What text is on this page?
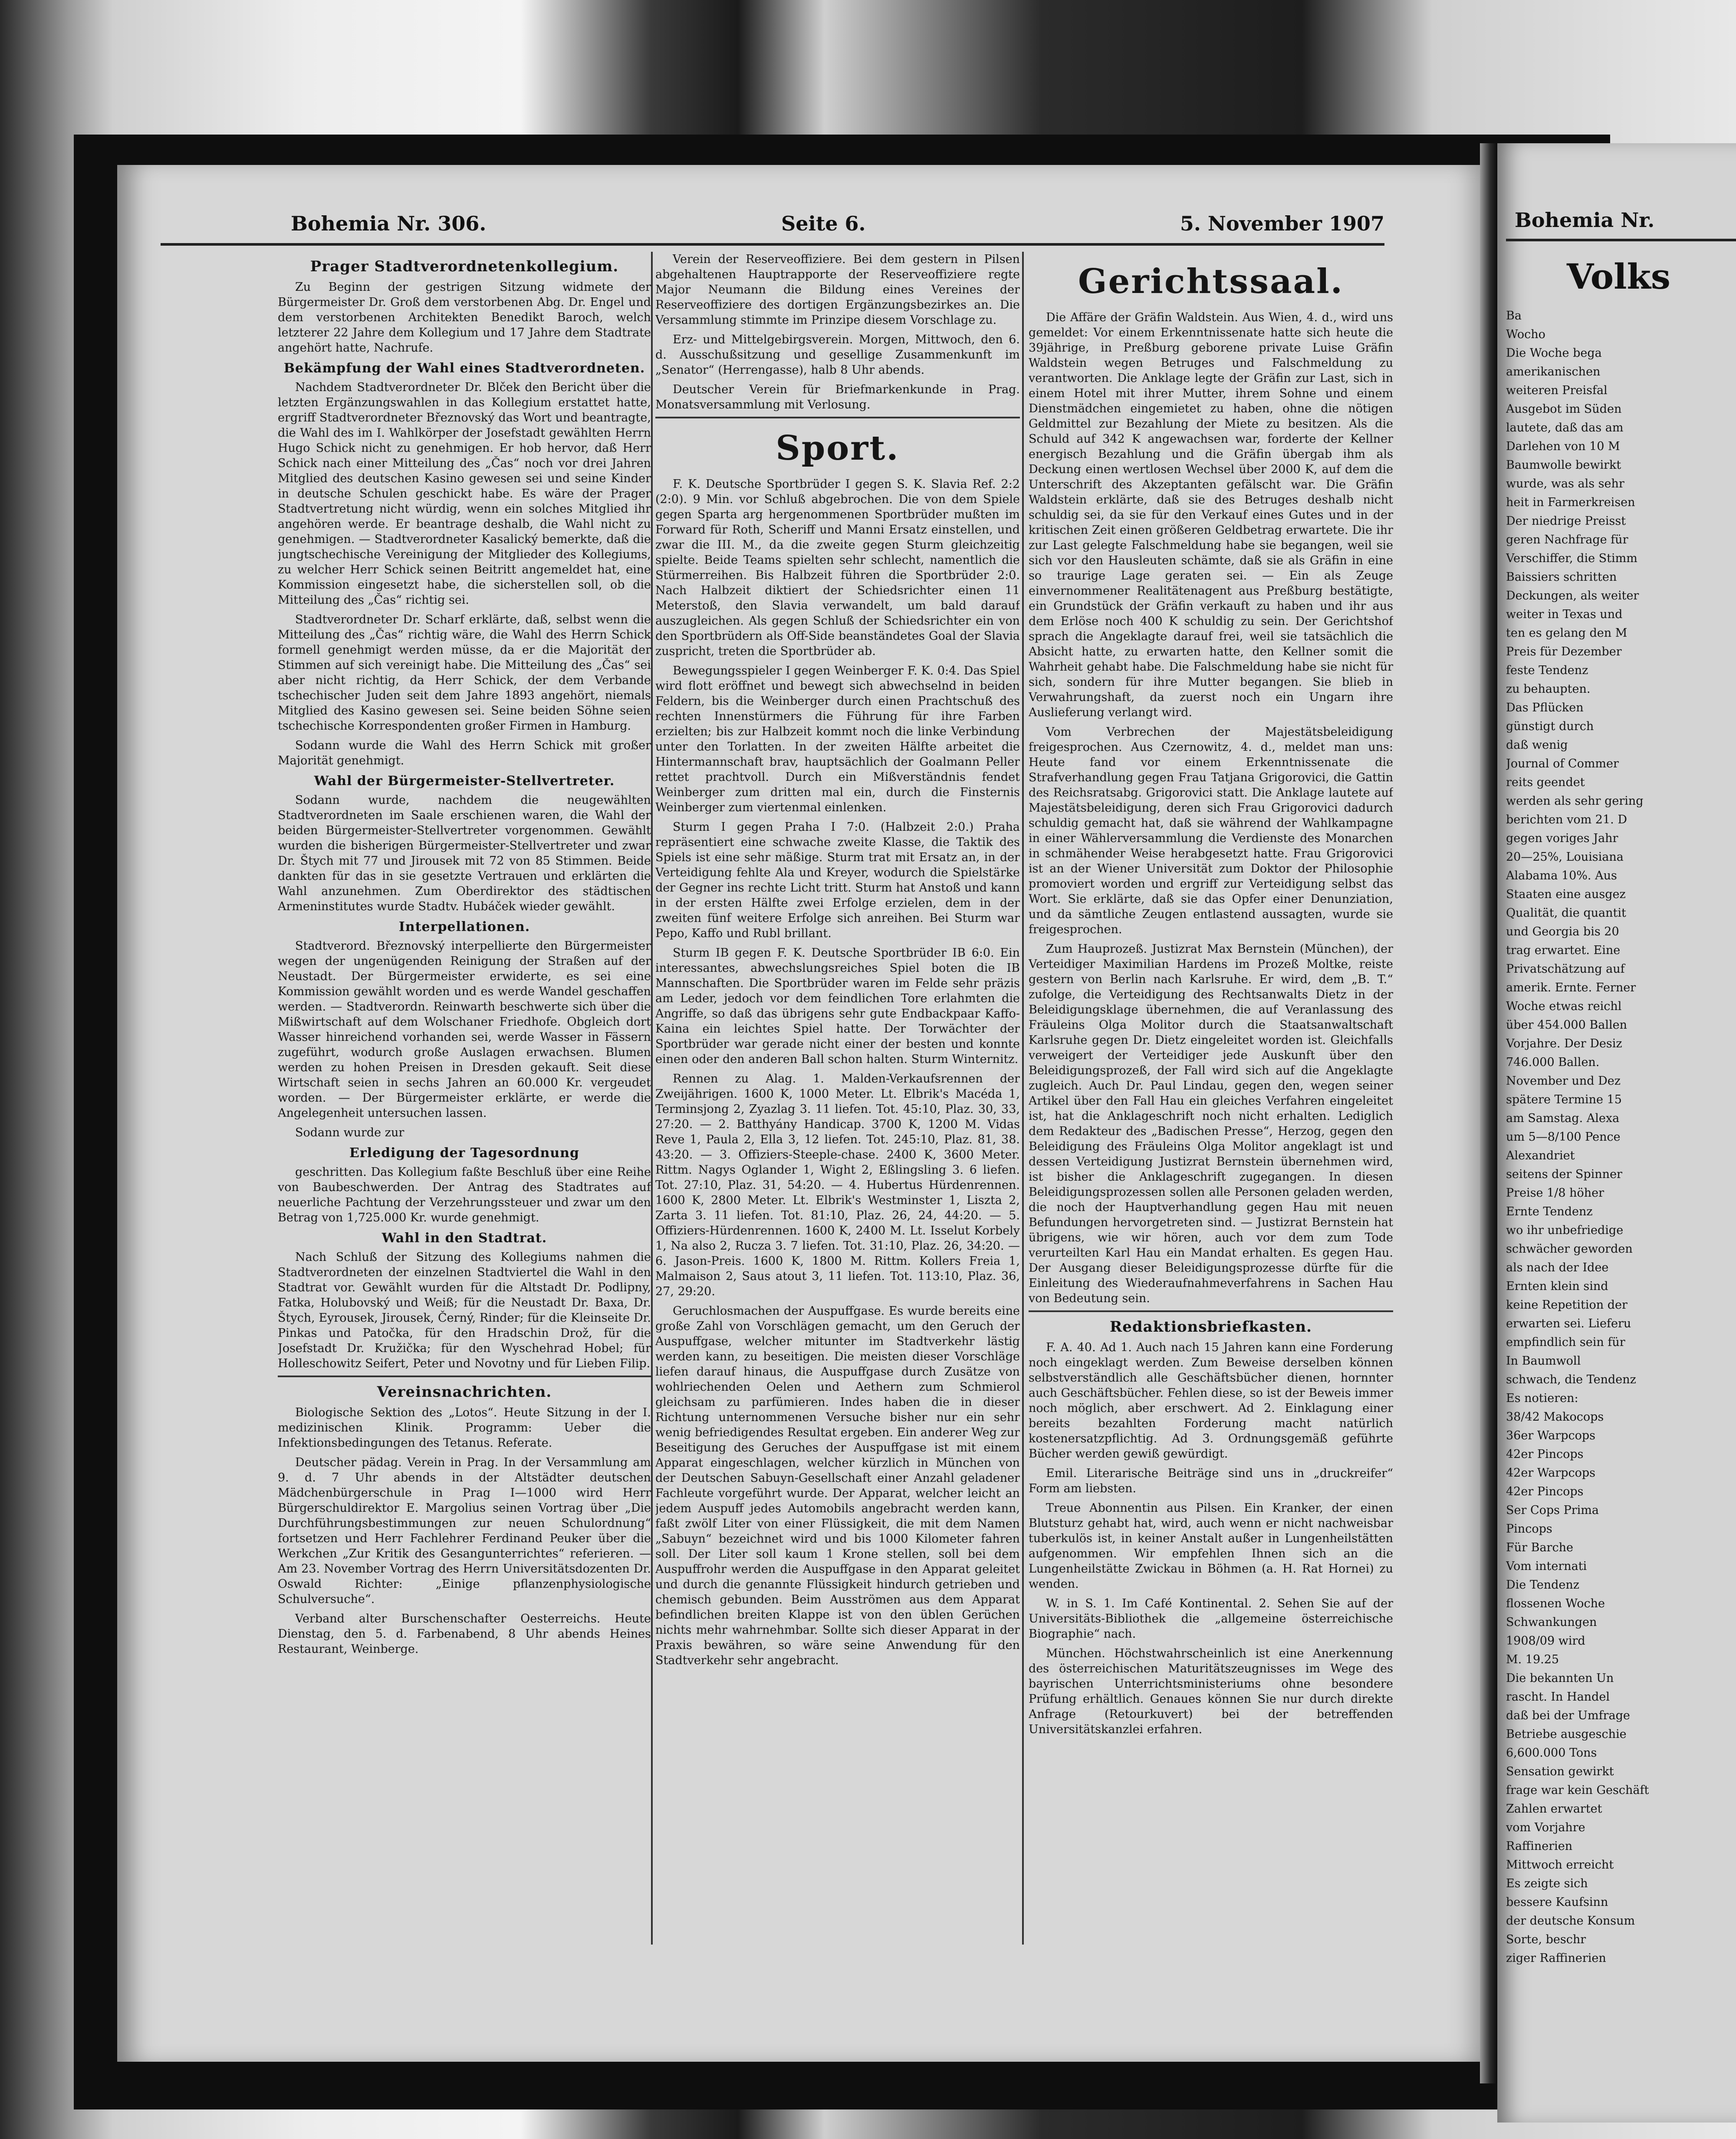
Bohemia Nr.
Volks

Ba

Wocho

Die Woche bega

amerikanischen

weiteren Preisfal

Ausgebot im Süden

lautete, daß das am

Darlehen von 10 M

Baumwolle bewirkt

wurde, was als sehr

heit in Farmerkreisen

Der niedrige Preisst

geren Nachfrage für

Verschiffer, die Stimm

Baissiers schritten

Deckungen, als weiter

weiter in Texas und

ten es gelang den M

Preis für Dezember

feste Tendenz

zu behaupten.

Das Pflücken

günstigt durch

daß wenig

Journal of Commer

reits geendet

werden als sehr gering

berichten vom 21. D

gegen voriges Jahr

20—25%, Louisiana

Alabama 10%. Aus

Staaten eine ausgez

Qualität, die quantit

und Georgia bis 20

trag erwartet. Eine

Privatschätzung auf

amerik. Ernte. Ferner

Woche etwas reichl

über 454.000 Ballen

Vorjahre. Der Desiz

746.000 Ballen.

November und Dez

spätere Termine 15

am Samstag. Alexa

um 5—8/100 Pence

Alexandriet

seitens der Spinner

Preise 1/8 höher

Ernte Tendenz

wo ihr unbefriedige

schwächer geworden

als nach der Idee

Ernten klein sind

keine Repetition der

erwarten sei. Lieferu

empfindlich sein für

In Baumwoll

schwach, die Tendenz

Es notieren:

38/42 Makocops

36er Warpcops

42er Pincops

42er Warpcops

42er Pincops

Ser Cops Prima

Pincops

Für Barche

Vom internati

Die Tendenz

flossenen Woche

Schwankungen

1908/09 wird

M. 19.25

Die bekannten Un

rascht. In Handel

daß bei der Umfrage

Betriebe ausgeschie

6,600.000 Tons

Sensation gewirkt

frage war kein Geschäft

Zahlen erwartet

vom Vorjahre

Raffinerien

Mittwoch erreicht

Es zeigte sich

bessere Kaufsinn

der deutsche Konsum

Sorte, beschr

ziger Raffinerien

Bohemia Nr. 306.	Seite 6.	5. November 1907
Prager Stadtverordnetenkollegium.

Zu Beginn der gestrigen Sitzung widmete der Bürgermeister Dr. Groß dem verstorbenen Abg. Dr. Engel und dem verstorbenen Architekten Benedikt Baroch, welch letzterer 22 Jahre dem Kollegium und 17 Jahre dem Stadtrate angehört hatte, Nachrufe.

Bekämpfung der Wahl eines Stadtverordneten.

Nachdem Stadtverordneter Dr. Blček den Bericht über die letzten Ergänzungswahlen in das Kollegium erstattet hatte, ergriff Stadtverordneter Březnovský das Wort und beantragte, die Wahl des im I. Wahlkörper der Josefstadt gewählten Herrn Hugo Schick nicht zu genehmigen. Er hob hervor, daß Herr Schick nach einer Mitteilung des „Čas“ noch vor drei Jahren Mitglied des deutschen Kasino gewesen sei und seine Kinder in deutsche Schulen geschickt habe. Es wäre der Prager Stadtvertretung nicht würdig, wenn ein solches Mitglied ihr angehören werde. Er beantrage deshalb, die Wahl nicht zu genehmigen. — Stadtverordneter Kasalický bemerkte, daß die jungtschechische Vereinigung der Mitglieder des Kollegiums, zu welcher Herr Schick seinen Beitritt angemeldet hat, eine Kommission eingesetzt habe, die sicherstellen soll, ob die Mitteilung des „Čas“ richtig sei.

Stadtverordneter Dr. Scharf erklärte, daß, selbst wenn die Mitteilung des „Čas“ richtig wäre, die Wahl des Herrn Schick formell genehmigt werden müsse, da er die Majorität der Stimmen auf sich vereinigt habe. Die Mitteilung des „Čas“ sei aber nicht richtig, da Herr Schick, der dem Verbande tschechischer Juden seit dem Jahre 1893 angehört, niemals Mitglied des Kasino gewesen sei. Seine beiden Söhne seien tschechische Korrespondenten großer Firmen in Hamburg.

Sodann wurde die Wahl des Herrn Schick mit großer Majorität genehmigt.

Wahl der Bürgermeister-Stellvertreter.

Sodann wurde, nachdem die neugewählten Stadtverordneten im Saale erschienen waren, die Wahl der beiden Bürgermeister-Stellvertreter vorgenommen. Gewählt wurden die bisherigen Bürgermeister-Stellvertreter und zwar Dr. Štych mit 77 und Jirousek mit 72 von 85 Stimmen. Beide dankten für das in sie gesetzte Vertrauen und erklärten die Wahl anzunehmen. Zum Oberdirektor des städtischen Armeninstitutes wurde Stadtv. Hubáček wieder gewählt.

Interpellationen.

Stadtverord. Březnovský interpellierte den Bürgermeister wegen der ungenügenden Reinigung der Straßen auf der Neustadt. Der Bürgermeister erwiderte, es sei eine Kommission gewählt worden und es werde Wandel geschaffen werden. — Stadtverordn. Reinwarth beschwerte sich über die Mißwirtschaft auf dem Wolschaner Friedhofe. Obgleich dort Wasser hinreichend vorhanden sei, werde Wasser in Fässern zugeführt, wodurch große Auslagen erwachsen. Blumen werden zu hohen Preisen in Dresden gekauft. Seit diese Wirtschaft seien in sechs Jahren an 60.000 Kr. vergeudet worden. — Der Bürgermeister erklärte, er werde die Angelegenheit untersuchen lassen.

Sodann wurde zur

Erledigung der Tagesordnung

geschritten. Das Kollegium faßte Beschluß über eine Reihe von Baubeschwerden. Der Antrag des Stadtrates auf neuerliche Pachtung der Verzehrungssteuer und zwar um den Betrag von 1,725.000 Kr. wurde genehmigt.

Wahl in den Stadtrat.

Nach Schluß der Sitzung des Kollegiums nahmen die Stadtverordneten der einzelnen Stadtviertel die Wahl in den Stadtrat vor. Gewählt wurden für die Altstadt Dr. Podlipny, Fatka, Holubovský und Weiß; für die Neustadt Dr. Baxa, Dr. Štych, Eyrousek, Jirousek, Černý, Rinder; für die Kleinseite Dr. Pinkas und Patočka, für den Hradschin Drož, für die Josefstadt Dr. Kružička; für den Wyschehrad Hobel; für Holleschowitz Seifert, Peter und Novotny und für Lieben Filip.

Vereinsnachrichten.

Biologische Sektion des „Lotos“. Heute Sitzung in der I. medizinischen Klinik. Programm: Ueber die Infektionsbedingungen des Tetanus. Referate.

Deutscher pädag. Verein in Prag. In der Versammlung am 9. d. 7 Uhr abends in der Altstädter deutschen Mädchenbürgerschule in Prag I—1000 wird Herr Bürgerschuldirektor E. Margolius seinen Vortrag über „Die Durchführungsbestimmungen zur neuen Schulordnung“ fortsetzen und Herr Fachlehrer Ferdinand Peuker über die Werkchen „Zur Kritik des Gesangunterrichtes“ referieren. — Am 23. November Vortrag des Herrn Universitätsdozenten Dr. Oswald Richter: „Einige pflanzenphysiologische Schulversuche“.

Verband alter Burschenschafter Oesterreichs. Heute Dienstag, den 5. d. Farbenabend, 8 Uhr abends Heines Restaurant, Weinberge.

Verein der Reserveoffiziere. Bei dem gestern in Pilsen abgehaltenen Hauptrapporte der Reserveoffiziere regte Major Neumann die Bildung eines Vereines der Reserveoffiziere des dortigen Ergänzungsbezirkes an. Die Versammlung stimmte im Prinzipe diesem Vorschlage zu.

Erz- und Mittelgebirgsverein. Morgen, Mittwoch, den 6. d. Ausschußsitzung und gesellige Zusammenkunft im „Senator“ (Herrengasse), halb 8 Uhr abends.

Deutscher Verein für Briefmarkenkunde in Prag. Monatsversammlung mit Verlosung.

Sport.

F. K. Deutsche Sportbrüder I gegen S. K. Slavia Ref. 2:2 (2:0). 9 Min. vor Schluß abgebrochen. Die von dem Spiele gegen Sparta arg hergenommenen Sportbrüder mußten im Forward für Roth, Scheriff und Manni Ersatz einstellen, und zwar die III. M., da die zweite gegen Sturm gleichzeitig spielte. Beide Teams spielten sehr schlecht, namentlich die Stürmerreihen. Bis Halbzeit führen die Sportbrüder 2:0. Nach Halbzeit diktiert der Schiedsrichter einen 11 Meterstoß, den Slavia verwandelt, um bald darauf auszugleichen. Als gegen Schluß der Schiedsrichter ein von den Sportbrüdern als Off-Side beanständetes Goal der Slavia zuspricht, treten die Sportbrüder ab.

Bewegungsspieler I gegen Weinberger F. K. 0:4. Das Spiel wird flott eröffnet und bewegt sich abwechselnd in beiden Feldern, bis die Weinberger durch einen Prachtschuß des rechten Innenstürmers die Führung für ihre Farben erzielten; bis zur Halbzeit kommt noch die linke Verbindung unter den Torlatten. In der zweiten Hälfte arbeitet die Hintermannschaft brav, hauptsächlich der Goalmann Peller rettet prachtvoll. Durch ein Mißverständnis fendet Weinberger zum dritten mal ein, durch die Finsternis Weinberger zum viertenmal einlenken.

Sturm I gegen Praha I 7:0. (Halbzeit 2:0.) Praha repräsentiert eine schwache zweite Klasse, die Taktik des Spiels ist eine sehr mäßige. Sturm trat mit Ersatz an, in der Verteidigung fehlte Ala und Kreyer, wodurch die Spielstärke der Gegner ins rechte Licht tritt. Sturm hat Anstoß und kann in der ersten Hälfte zwei Erfolge erzielen, dem in der zweiten fünf weitere Erfolge sich anreihen. Bei Sturm war Pepo, Kaffo und Rubl brillant.

Sturm IB gegen F. K. Deutsche Sportbrüder IB 6:0. Ein interessantes, abwechslungsreiches Spiel boten die IB Mannschaften. Die Sportbrüder waren im Felde sehr präzis am Leder, jedoch vor dem feindlichen Tore erlahmten die Angriffe, so daß das übrigens sehr gute Endbackpaar Kaffo-Kaina ein leichtes Spiel hatte. Der Torwächter der Sportbrüder war gerade nicht einer der besten und konnte einen oder den anderen Ball schon halten. Sturm Winternitz.

Rennen zu Alag. 1. Malden-Verkaufsrennen der Zweijährigen. 1600 K, 1000 Meter. Lt. Elbrik's Macéda 1, Terminsjong 2, Zyazlag 3. 11 liefen. Tot. 45:10, Plaz. 30, 33, 27:20. — 2. Batthyány Handicap. 3700 K, 1200 M. Vidas Reve 1, Paula 2, Ella 3, 12 liefen. Tot. 245:10, Plaz. 81, 38. 43:20. — 3. Offiziers-Steeple-chase. 2400 K, 3600 Meter. Rittm. Nagys Oglander 1, Wight 2, Eßlingsling 3. 6 liefen. Tot. 27:10, Plaz. 31, 54:20. — 4. Hubertus Hürdenrennen. 1600 K, 2800 Meter. Lt. Elbrik's Westminster 1, Liszta 2, Zarta 3. 11 liefen. Tot. 81:10, Plaz. 26, 24, 44:20. — 5. Offiziers-Hürdenrennen. 1600 K, 2400 M. Lt. Isselut Korbely 1, Na also 2, Rucza 3. 7 liefen. Tot. 31:10, Plaz. 26, 34:20. — 6. Jason-Preis. 1600 K, 1800 M. Rittm. Kollers Freia 1, Malmaison 2, Saus atout 3, 11 liefen. Tot. 113:10, Plaz. 36, 27, 29:20.

Geruchlosmachen der Auspuffgase. Es wurde bereits eine große Zahl von Vorschlägen gemacht, um den Geruch der Auspuffgase, welcher mitunter im Stadtverkehr lästig werden kann, zu beseitigen. Die meisten dieser Vorschläge liefen darauf hinaus, die Auspuffgase durch Zusätze von wohlriechenden Oelen und Aethern zum Schmierol gleichsam zu parfümieren. Indes haben die in dieser Richtung unternommenen Versuche bisher nur ein sehr wenig befriedigendes Resultat ergeben. Ein anderer Weg zur Beseitigung des Geruches der Auspuffgase ist mit einem Apparat eingeschlagen, welcher kürzlich in München von der Deutschen Sabuyn-Gesellschaft einer Anzahl geladener Fachleute vorgeführt wurde. Der Apparat, welcher leicht an jedem Auspuff jedes Automobils angebracht werden kann, faßt zwölf Liter von einer Flüssigkeit, die mit dem Namen „Sabuyn“ bezeichnet wird und bis 1000 Kilometer fahren soll. Der Liter soll kaum 1 Krone stellen, soll bei dem Auspuffrohr werden die Auspuffgase in den Apparat geleitet und durch die genannte Flüssigkeit hindurch getrieben und chemisch gebunden. Beim Ausströmen aus dem Apparat befindlichen breiten Klappe ist von den üblen Gerüchen nichts mehr wahrnehmbar. Sollte sich dieser Apparat in der Praxis bewähren, so wäre seine Anwendung für den Stadtverkehr sehr angebracht.

Gerichtssaal.

Die Affäre der Gräfin Waldstein. Aus Wien, 4. d., wird uns gemeldet: Vor einem Erkenntnissenate hatte sich heute die 39jährige, in Preßburg geborene private Luise Gräfin Waldstein wegen Betruges und Falschmeldung zu verantworten. Die Anklage legte der Gräfin zur Last, sich in einem Hotel mit ihrer Mutter, ihrem Sohne und einem Dienstmädchen eingemietet zu haben, ohne die nötigen Geldmittel zur Bezahlung der Miete zu besitzen. Als die Schuld auf 342 K angewachsen war, forderte der Kellner energisch Bezahlung und die Gräfin übergab ihm als Deckung einen wertlosen Wechsel über 2000 K, auf dem die Unterschrift des Akzeptanten gefälscht war. Die Gräfin Waldstein erklärte, daß sie des Betruges deshalb nicht schuldig sei, da sie für den Verkauf eines Gutes und in der kritischen Zeit einen größeren Geldbetrag erwartete. Die ihr zur Last gelegte Falschmeldung habe sie begangen, weil sie sich vor den Hausleuten schämte, daß sie als Gräfin in eine so traurige Lage geraten sei. — Ein als Zeuge einvernommener Realitätenagent aus Preßburg bestätigte, ein Grundstück der Gräfin verkauft zu haben und ihr aus dem Erlöse noch 400 K schuldig zu sein. Der Gerichtshof sprach die Angeklagte darauf frei, weil sie tatsächlich die Absicht hatte, zu erwarten hatte, den Kellner somit die Wahrheit gehabt habe. Die Falschmeldung habe sie nicht für sich, sondern für ihre Mutter begangen. Sie blieb in Verwahrungshaft, da zuerst noch ein Ungarn ihre Auslieferung verlangt wird.

Vom Verbrechen der Majestätsbeleidigung freigesprochen. Aus Czernowitz, 4. d., meldet man uns: Heute fand vor einem Erkenntnissenate die Strafverhandlung gegen Frau Tatjana Grigorovici, die Gattin des Reichsratsabg. Grigorovici statt. Die Anklage lautete auf Majestätsbeleidigung, deren sich Frau Grigorovici dadurch schuldig gemacht hat, daß sie während der Wahlkampagne in einer Wählerversammlung die Verdienste des Monarchen in schmähender Weise herabgesetzt hatte. Frau Grigorovici ist an der Wiener Universität zum Doktor der Philosophie promoviert worden und ergriff zur Verteidigung selbst das Wort. Sie erklärte, daß sie das Opfer einer Denunziation, und da sämtliche Zeugen entlastend aussagten, wurde sie freigesprochen.

Zum Hauprozeß. Justizrat Max Bernstein (München), der Verteidiger Maximilian Hardens im Prozeß Moltke, reiste gestern von Berlin nach Karlsruhe. Er wird, dem „B. T.“ zufolge, die Verteidigung des Rechtsanwalts Dietz in der Beleidigungsklage übernehmen, die auf Veranlassung des Fräuleins Olga Molitor durch die Staatsanwaltschaft Karlsruhe gegen Dr. Dietz eingeleitet worden ist. Gleichfalls verweigert der Verteidiger jede Auskunft über den Beleidigungsprozeß, der Fall wird sich auf die Angeklagte zugleich. Auch Dr. Paul Lindau, gegen den, wegen seiner Artikel über den Fall Hau ein gleiches Verfahren eingeleitet ist, hat die Anklageschrift noch nicht erhalten. Lediglich dem Redakteur des „Badischen Presse“, Herzog, gegen den Beleidigung des Fräuleins Olga Molitor angeklagt ist und dessen Verteidigung Justizrat Bernstein übernehmen wird, ist bisher die Anklageschrift zugegangen. In diesen Beleidigungsprozessen sollen alle Personen geladen werden, die noch der Hauptverhandlung gegen Hau mit neuen Befundungen hervorgetreten sind. — Justizrat Bernstein hat übrigens, wie wir hören, auch vor dem zum Tode verurteilten Karl Hau ein Mandat erhalten. Es gegen Hau. Der Ausgang dieser Beleidigungsprozesse dürfte für die Einleitung des Wiederaufnahmeverfahrens in Sachen Hau von Bedeutung sein.

Redaktionsbriefkasten.

F. A. 40. Ad 1. Auch nach 15 Jahren kann eine Forderung noch eingeklagt werden. Zum Beweise derselben können selbstverständlich alle Geschäftsbücher dienen, hornnter auch Geschäftsbücher. Fehlen diese, so ist der Beweis immer noch möglich, aber erschwert. Ad 2. Einklagung einer bereits bezahlten Forderung macht natürlich kostenersatzpflichtig. Ad 3. Ordnungsgemäß geführte Bücher werden gewiß gewürdigt.

Emil. Literarische Beiträge sind uns in „druckreifer“ Form am liebsten.

Treue Abonnentin aus Pilsen. Ein Kranker, der einen Blutsturz gehabt hat, wird, auch wenn er nicht nachweisbar tuberkulös ist, in keiner Anstalt außer in Lungenheilstätten aufgenommen. Wir empfehlen Ihnen sich an die Lungenheilstätte Zwickau in Böhmen (a. H. Rat Hornei) zu wenden.

W. in S. 1. Im Café Kontinental. 2. Sehen Sie auf der Universitäts-Bibliothek die „allgemeine österreichische Biographie“ nach.

München. Höchstwahrscheinlich ist eine Anerkennung des österreichischen Maturitätszeugnisses im Wege des bayrischen Unterrichtsministeriums ohne besondere Prüfung erhältlich. Genaues können Sie nur durch direkte Anfrage (Retourkuvert) bei der betreffenden Universitätskanzlei erfahren.
